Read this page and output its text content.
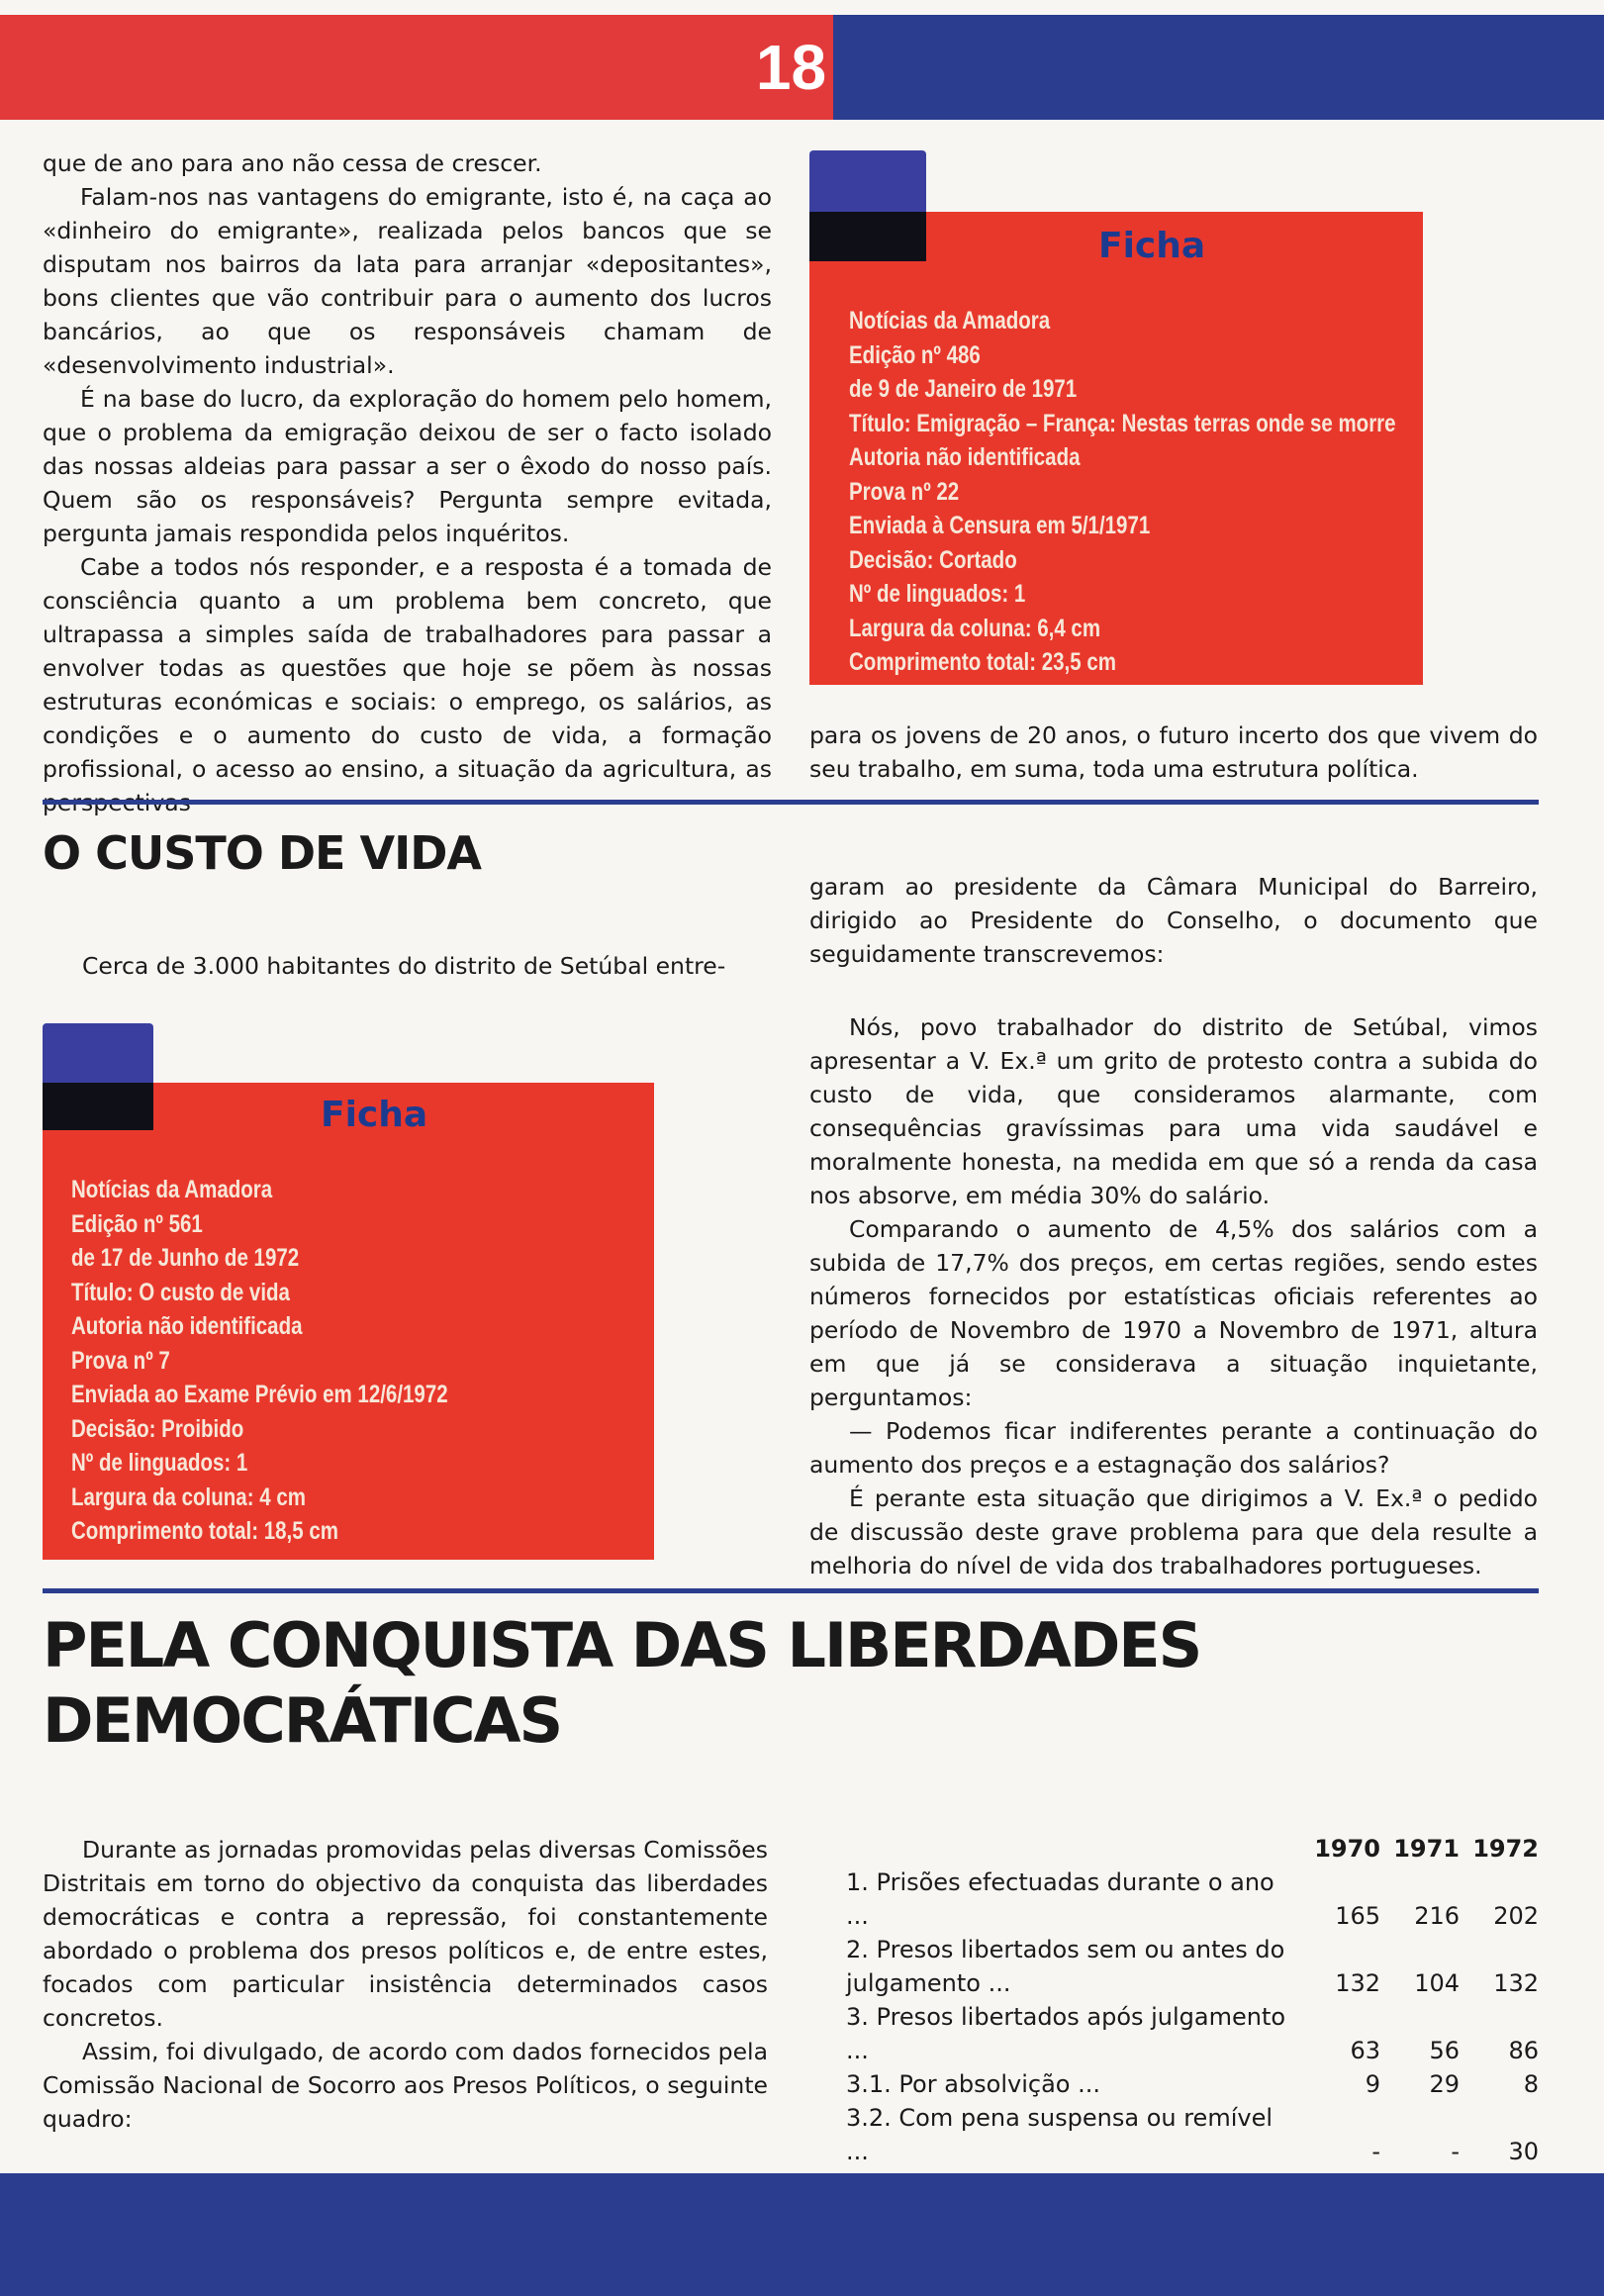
18

que de ano para ano não cessa de crescer.

Falam-nos nas vantagens do emigrante, isto é, na caça ao «dinheiro do emigrante», realizada pelos bancos que se disputam nos bairros da lata para arranjar «depositantes», bons clientes que vão contribuir para o aumento dos lucros bancários, ao que os responsáveis chamam de «desenvolvimento industrial».

É na base do lucro, da exploração do homem pelo homem, que o problema da emigração deixou de ser o facto isolado das nossas aldeias para passar a ser o êxodo do nosso país. Quem são os responsáveis? Pergunta sempre evitada, pergunta jamais respondida pelos inquéritos.

Cabe a todos nós responder, e a resposta é a tomada de consciência quanto a um problema bem concreto, que ultrapassa a simples saída de trabalhadores para passar a envolver todas as questões que hoje se põem às nossas estruturas económicas e sociais: o emprego, os salários, as condições e o aumento do custo de vida, a formação profissional, o acesso ao ensino, a situação da agricultura, as

Ficha
Notícias da Amadora
Edição nº 486
de 9 de Janeiro de 1971
Título: Emigração – França: Nestas terras onde se morre
Autoria não identificada
Prova nº 22
Enviada à Censura em 5/1/1971
Decisão: Cortado
Nº de linguados: 1
Largura da coluna: 6,4 cm
Comprimento total: 23,5 cm

para os jovens de 20 anos, o futuro incerto dos que vivem do seu trabalho, em suma, toda uma estrutura política.

O CUSTO DE VIDA

Cerca de 3.000 habitantes do distrito de Setúbal entre-

Ficha
Notícias da Amadora
Edição nº 561
de 17 de Junho de 1972
Título: O custo de vida
Autoria não identificada
Prova nº 7
Enviada ao Exame Prévio em 12/6/1972
Decisão: Proibido
Nº de linguados: 1
Largura da coluna: 4 cm
Comprimento total: 18,5 cm

garam ao presidente da Câmara Municipal do Barreiro, dirigido ao Presidente do Conselho, o documento que seguidamente transcrevemos:

Nós, povo trabalhador do distrito de Setúbal, vimos apresentar a V. Ex.ª um grito de protesto contra a subida do custo de vida, que consideramos alarmante, com consequências gravíssimas para uma vida saudável e moralmente honesta, na medida em que só a renda da casa nos absorve, em média 30% do salário.

Comparando o aumento de 4,5% dos salários com a subida de 17,7% dos preços, em certas regiões, sendo estes números fornecidos por estatísticas oficiais referentes ao período de Novembro de 1970 a Novembro de 1971, altura em que já se considerava a situação inquietante, perguntamos:

— Podemos ficar indiferentes perante a continuação do aumento dos preços e a estagnação dos salários?

É perante esta situação que dirigimos a V. Ex.ª o pedido de discussão deste grave problema para que dela resulte a melhoria do nível de vida dos trabalhadores portugueses.

PELA CONQUISTA DAS LIBERDADES
DEMOCRÁTICAS

Durante as jornadas promovidas pelas diversas Comissões Distritais em torno do objectivo da conquista das liberdades democráticas e contra a repressão, foi constantemente abordado o problema dos presos políticos e, de entre estes, focados com particular insistência determinados casos concretos.

Assim, foi divulgado, de acordo com dados fornecidos pela Comissão Nacional de Socorro aos Presos Políticos, o seguinte quadro:

	1970	1971	1972
1. Prisões efectuadas durante o ano ...	165	216	202
2. Presos libertados sem ou antes do			
julgamento ...	132	104	132
3. Presos libertados após julgamento ...	63	56	86
3.1. Por absolvição ...	9	29	8
3.2. Com pena suspensa ou remível ...	-	-	30
